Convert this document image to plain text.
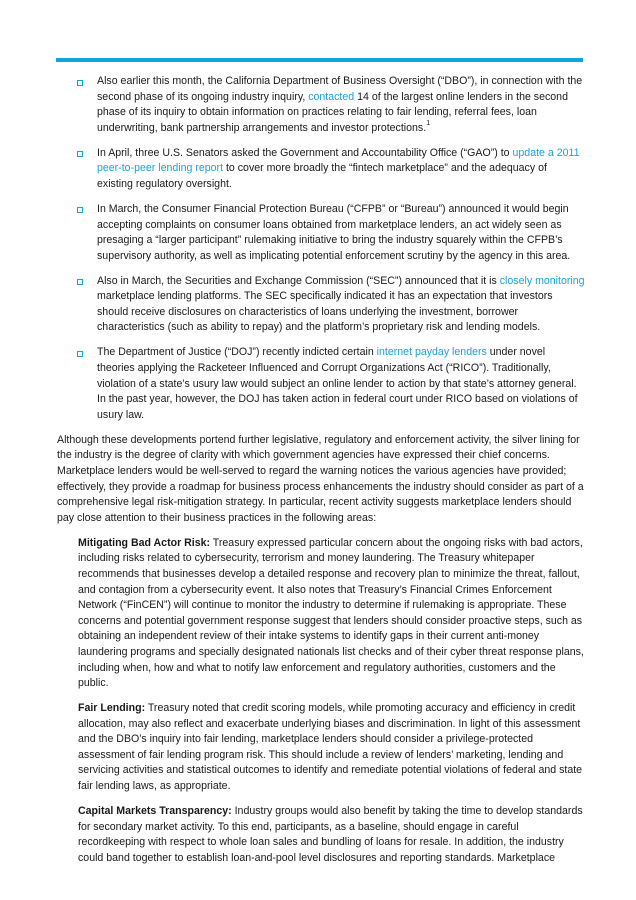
Also earlier this month, the California Department of Business Oversight (“DBO”), in connection with the second phase of its ongoing industry inquiry, contacted 14 of the largest online lenders in the second phase of its inquiry to obtain information on practices relating to fair lending, referral fees, loan underwriting, bank partnership arrangements and investor protections.$^1$
In April, three U.S. Senators asked the Government and Accountability Office (“GAO”) to update a 2011 peer-to-peer lending report to cover more broadly the “fintech marketplace” and the adequacy of existing regulatory oversight.
In March, the Consumer Financial Protection Bureau (“CFPB” or “Bureau”) announced it would begin accepting complaints on consumer loans obtained from marketplace lenders, an act widely seen as presaging a “larger participant” rulemaking initiative to bring the industry squarely within the CFPB’s supervisory authority, as well as implicating potential enforcement scrutiny by the agency in this area.
Also in March, the Securities and Exchange Commission (“SEC”) announced that it is closely monitoring marketplace lending platforms. The SEC specifically indicated it has an expectation that investors should receive disclosures on characteristics of loans underlying the investment, borrower characteristics (such as ability to repay) and the platform’s proprietary risk and lending models.
The Department of Justice (“DOJ”) recently indicted certain internet payday lenders under novel theories applying the Racketeer Influenced and Corrupt Organizations Act (“RICO”). Traditionally, violation of a state’s usury law would subject an online lender to action by that state’s attorney general. In the past year, however, the DOJ has taken action in federal court under RICO based on violations of usury law.

Although these developments portend further legislative, regulatory and enforcement activity, the silver lining for the industry is the degree of clarity with which government agencies have expressed their chief concerns. Marketplace lenders would be well-served to regard the warning notices the various agencies have provided; effectively, they provide a roadmap for business process enhancements the industry should consider as part of a comprehensive legal risk-mitigation strategy. In particular, recent activity suggests marketplace lenders should pay close attention to their business practices in the following areas:

Mitigating Bad Actor Risk: Treasury expressed particular concern about the ongoing risks with bad actors, including risks related to cybersecurity, terrorism and money laundering. The Treasury whitepaper recommends that businesses develop a detailed response and recovery plan to minimize the threat, fallout, and contagion from a cybersecurity event. It also notes that Treasury’s Financial Crimes Enforcement Network (“FinCEN”) will continue to monitor the industry to determine if rulemaking is appropriate. These concerns and potential government response suggest that lenders should consider proactive steps, such as obtaining an independent review of their intake systems to identify gaps in their current anti-money laundering programs and specially designated nationals list checks and of their cyber threat response plans, including when, how and what to notify law enforcement and regulatory authorities, customers and the public.

Fair Lending: Treasury noted that credit scoring models, while promoting accuracy and efficiency in credit allocation, may also reflect and exacerbate underlying biases and discrimination. In light of this assessment and the DBO’s inquiry into fair lending, marketplace lenders should consider a privilege-protected assessment of fair lending program risk. This should include a review of lenders’ marketing, lending and servicing activities and statistical outcomes to identify and remediate potential violations of federal and state fair lending laws, as appropriate.

Capital Markets Transparency: Industry groups would also benefit by taking the time to develop standards for secondary market activity. To this end, participants, as a baseline, should engage in careful recordkeeping with respect to whole loan sales and bundling of loans for resale. In addition, the industry could band together to establish loan-and-pool level disclosures and reporting standards. Marketplace
